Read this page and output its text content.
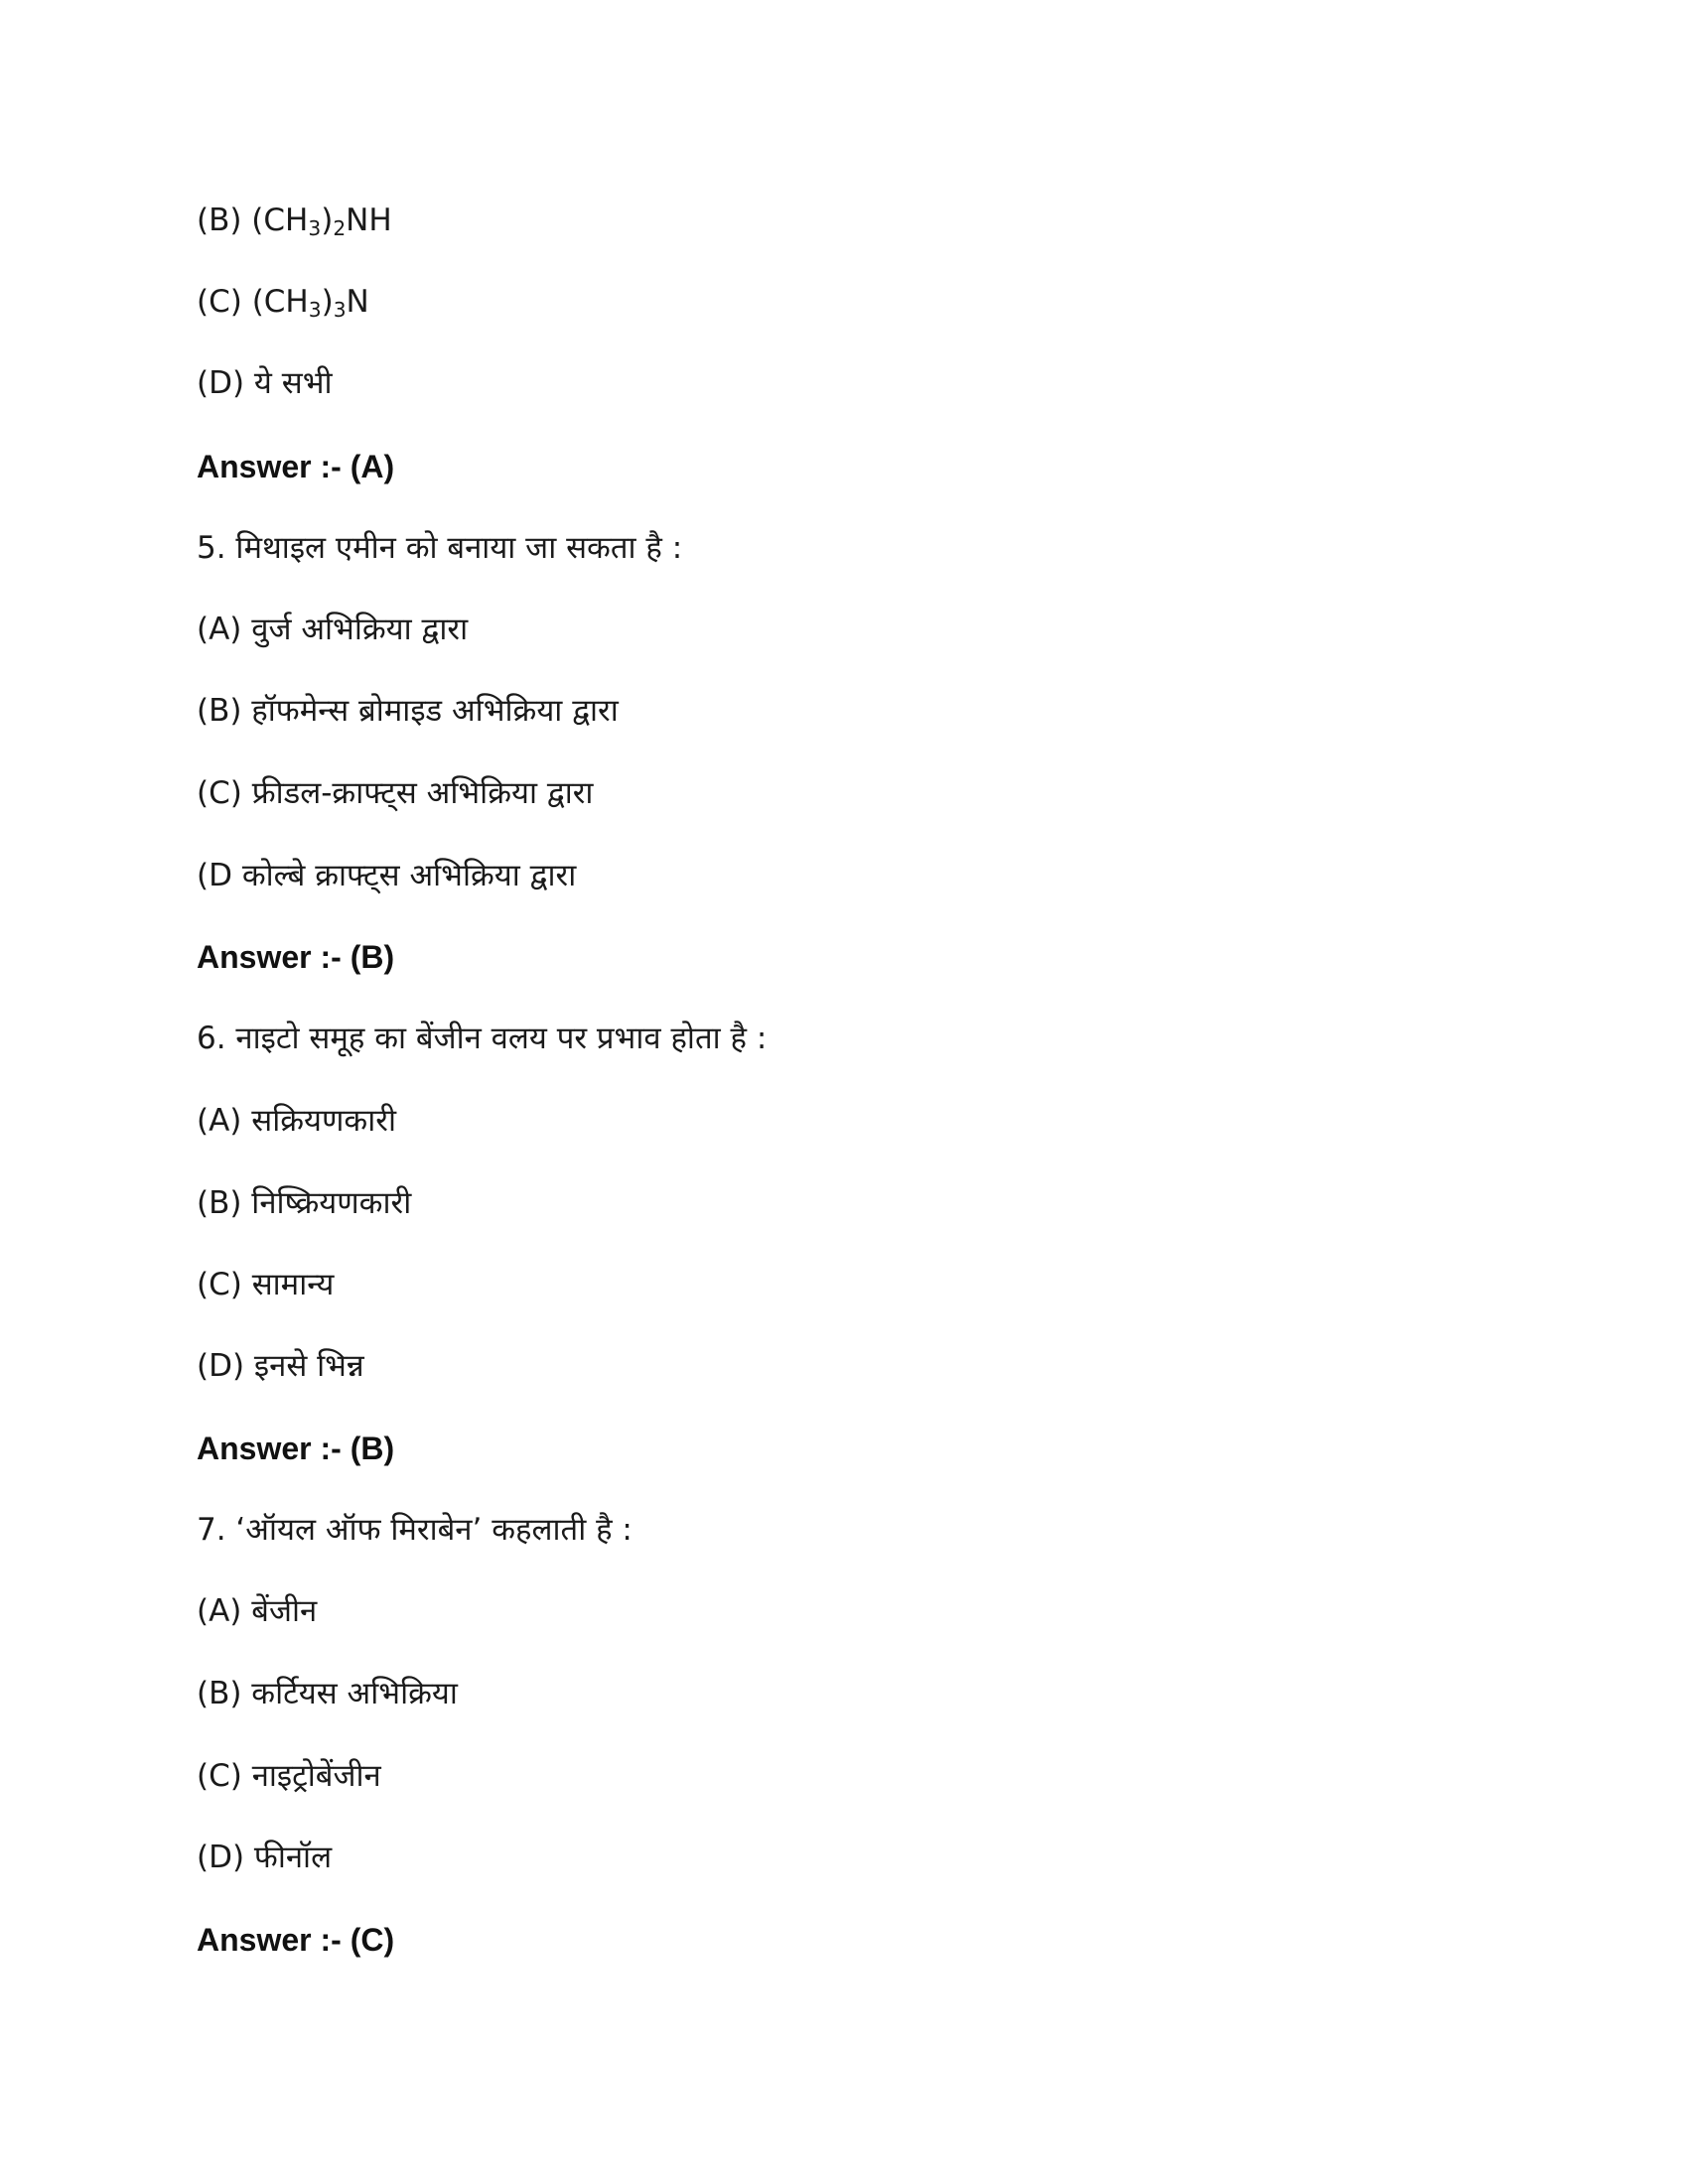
(B) $(CH_3)_2NH$
(C) $(CH_3)_3N$
(D) ये सभी
Answer :- (A)
5. मिथाइल एमीन को बनाया जा सकता है :
(A) वुर्ज अभिक्रिया द्वारा
(B) हॉफमेन्स ब्रोमाइड अभिक्रिया द्वारा
(C) फ्रीडल-क्राफ्ट्स अभिक्रिया द्वारा
(D कोल्बे क्राफ्ट्स अभिक्रिया द्वारा
Answer :- (B)
6. नाइटो समूह का बेंजीन वलय पर प्रभाव होता है :
(A) सक्रियणकारी
(B) निष्क्रियणकारी
(C) सामान्य
(D) इनसे भिन्न
Answer :- (B)
7. ‘ऑयल ऑफ मिराबेन’ कहलाती है :
(A) बेंजीन
(B) कर्टियस अभिक्रिया
(C) नाइट्रोबेंजीन
(D) फीनॉल
Answer :- (C)
